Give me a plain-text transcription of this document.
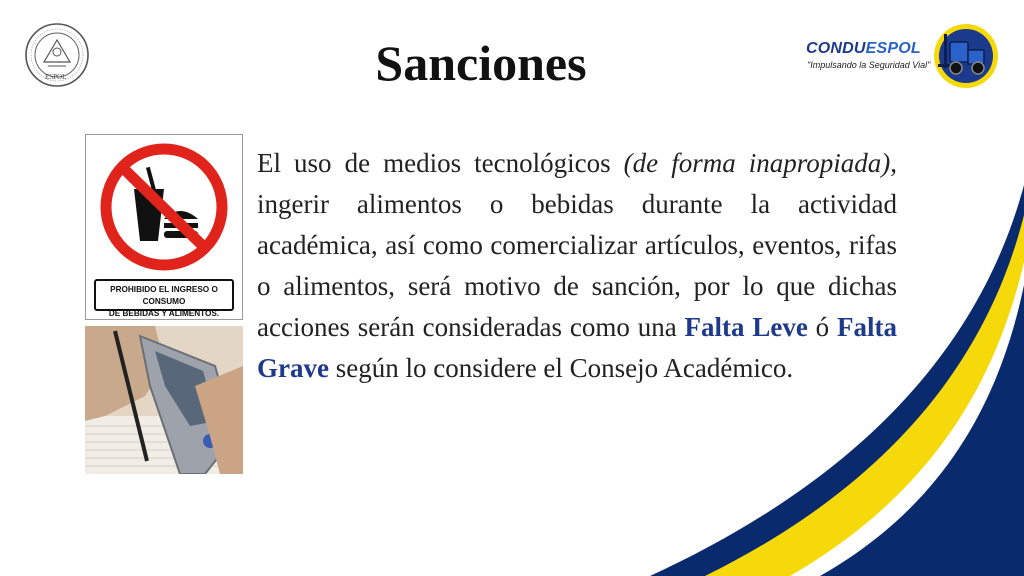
ESPOL	Sanciones	CONDUESPOL
"Impulsando la Seguridad Vial"
PROHIBIDO EL INGRESO O CONSUMO
DE BEBIDAS Y ALIMENTOS.

El uso de medios tecnológicos (de forma inapropiada), ingerir alimentos o bebidas durante la actividad académica, así como comercializar artículos, eventos, rifas o alimentos, será motivo de sanción, por lo que dichas acciones serán consideradas como una Falta Leve ó Falta Grave según lo considere el Consejo Académico.
